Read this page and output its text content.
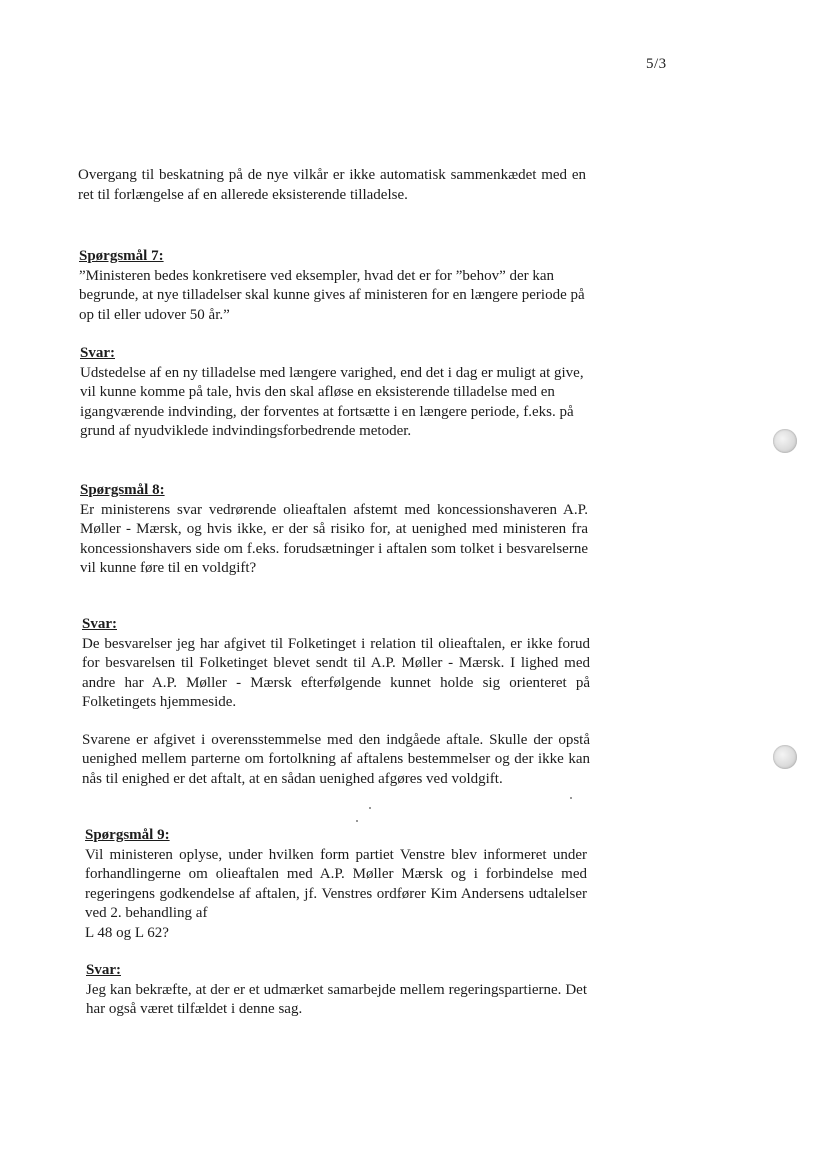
5/3

Overgang til beskatning på de nye vilkår er ikke automatisk sammenkædet med en ret til forlængelse af en allerede eksisterende tilladelse.

Spørgsmål 7:

”Ministeren bedes konkretisere ved eksempler, hvad det er for ”behov” der kan begrunde, at nye tilladelser skal kunne gives af ministeren for en længere periode på op til eller udover 50 år.”

Svar:

Udstedelse af en ny tilladelse med længere varighed, end det i dag er muligt at give, vil kunne komme på tale, hvis den skal afløse en eksisterende tilladelse med en igangværende indvinding, der forventes at fortsætte i en længere periode, f.eks. på grund af nyudviklede indvindingsforbedrende metoder.

Spørgsmål 8:

Er ministerens svar vedrørende olieaftalen afstemt med koncessionshaveren A.P. Møller - Mærsk, og hvis ikke, er der så risiko for, at uenighed med ministeren fra koncessionshavers side om f.eks. forudsætninger i aftalen som tolket i besvarelserne vil kunne føre til en voldgift?

Svar:

De besvarelser jeg har afgivet til Folketinget i relation til olieaftalen, er ikke forud for besvarelsen til Folketinget blevet sendt til A.P. Møller - Mærsk. I lighed med andre har A.P. Møller - Mærsk efterfølgende kunnet holde sig orienteret på Folketingets hjemmeside.

Svarene er afgivet i overensstemmelse med den indgåede aftale. Skulle der opstå uenighed mellem parterne om fortolkning af aftalens bestemmelser og der ikke kan nås til enighed er det aftalt, at en sådan uenighed afgøres ved voldgift.

Spørgsmål 9:

Vil ministeren oplyse, under hvilken form partiet Venstre blev informeret under forhandlingerne om olieaftalen med A.P. Møller Mærsk og i forbindelse med regeringens godkendelse af aftalen, jf. Venstres ordfører Kim Andersens udtalelser ved 2. behandling af

L 48 og L 62?

Svar:

Jeg kan bekræfte, at der er et udmærket samarbejde mellem regeringspartierne. Det har også været tilfældet i denne sag.
